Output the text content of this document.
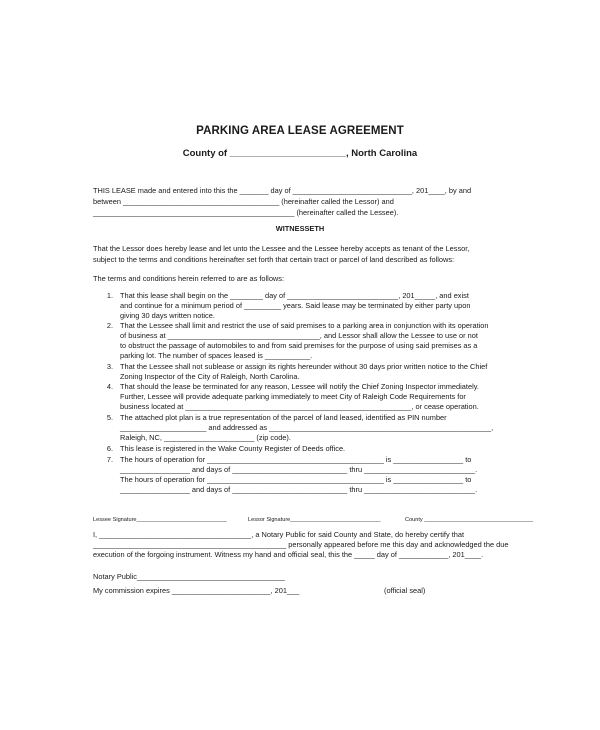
PARKING AREA LEASE AGREEMENT
County of ______________________, North Carolina
THIS LEASE made and entered into this the _______ day of _____________________________, 201____, by and
between ______________________________________ (hereinafter called the Lessor) and
_________________________________________________ (hereinafter called the Lessee).
WITNESSETH
That the Lessor does hereby lease and let unto the Lessee and the Lessee hereby accepts as tenant of the Lessor,
subject to the terms and conditions hereinafter set forth that certain tract or parcel of land described as follows:
The terms and conditions herein referred to are as follows:
1. That this lease shall begin on the ________ day of ___________________________, 201_____, and exist
and continue for a minimum period of _________ years. Said lease may be terminated by either party upon
giving 30 days written notice.
2. That the Lessee shall limit and restrict the use of said premises to a parking area in conjunction with its operation
of business at _____________________________________, and Lessor shall allow the Lessee to use or not
to obstruct the passage of automobiles to and from said premises for the purpose of using said premises as a
parking lot. The number of spaces leased is ___________.
3. That the Lessee shall not sublease or assign its rights hereunder without 30 days prior written notice to the Chief
Zoning Inspector of the City of Raleigh, North Carolina.
4. That should the lease be terminated for any reason, Lessee will notify the Chief Zoning Inspector immediately.
Further, Lessee will provide adequate parking immediately to meet City of Raleigh Code Requirements for
business located at _______________________________________________________, or cease operation.
5. The attached plot plan is a true representation of the parcel of land leased, identified as PIN number
_____________________ and addressed as ______________________________________________________,
Raleigh, NC, ______________________ (zip code).
6. This lease is registered in the Wake County Register of Deeds office.
7. The hours of operation for ___________________________________________ is _________________ to
_________________ and days of ____________________________ thru ___________________________.
The hours of operation for ___________________________________________ is _________________ to
_________________ and days of ____________________________ thru ___________________________.
Lessee Signature_____________________________	Lessor Signature_____________________________	County ___________________________________
I, _____________________________________, a Notary Public for said County and State, do hereby certify that
_______________________________________________ personally appeared before me this day and acknowledged the due
execution of the forgoing instrument. Witness my hand and official seal, this the _____ day of ____________, 201____.
Notary Public____________________________________
My commission expires ________________________, 201___	(official seal)
